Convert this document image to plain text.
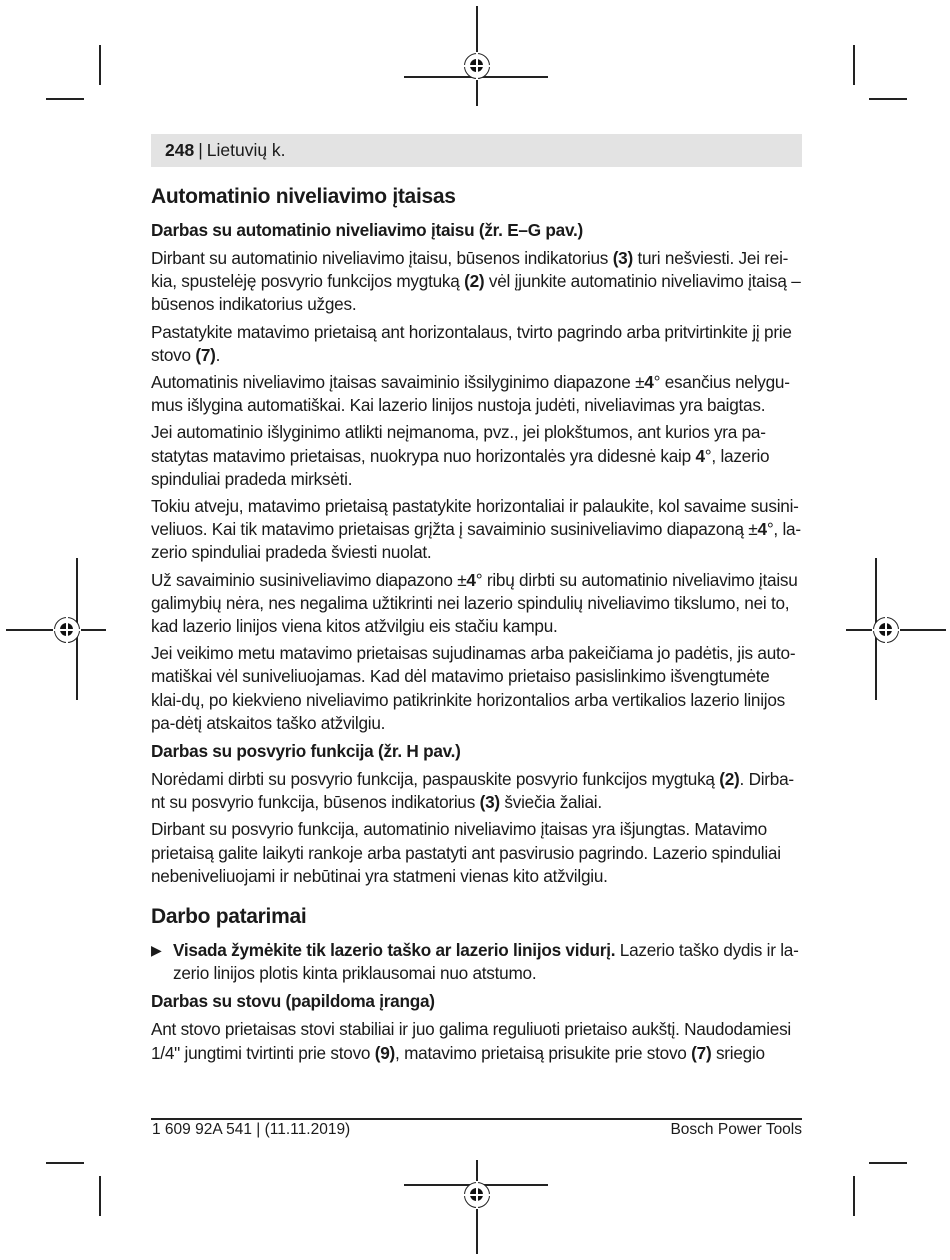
248 | Lietuvių k.
Automatinio niveliavimo įtaisas
Darbas su automatinio niveliavimo įtaisu (žr. E–G pav.)

Dirbant su automatinio niveliavimo įtaisu, būsenos indikatorius (3) turi nešviesti. Jei rei-kia, spustelėję posvyrio funkcijos mygtuką (2) vėl įjunkite automatinio niveliavimo įtaisą – būsenos indikatorius užges.

Pastatykite matavimo prietaisą ant horizontalaus, tvirto pagrindo arba pritvirtinkite jį prie stovo (7).

Automatinis niveliavimo įtaisas savaiminio išsilyginimo diapazone ±4° esančius nelygu-mus išlygina automatiškai. Kai lazerio linijos nustoja judėti, niveliavimas yra baigtas.

Jei automatinio išlyginimo atlikti neįmanoma, pvz., jei plokštumos, ant kurios yra pa-statytas matavimo prietaisas, nuokrypa nuo horizontalės yra didesnė kaip 4°, lazerio spinduliai pradeda mirksėti.

Tokiu atveju, matavimo prietaisą pastatykite horizontaliai ir palaukite, kol savaime susini-veliuos. Kai tik matavimo prietaisas grįžta į savaiminio susiniveliavimo diapazoną ±4°, la-zerio spinduliai pradeda šviesti nuolat.

Už savaiminio susiniveliavimo diapazono ±4° ribų dirbti su automatinio niveliavimo įtaisu galimybių nėra, nes negalima užtikrinti nei lazerio spindulių niveliavimo tikslumo, nei to, kad lazerio linijos viena kitos atžvilgiu eis stačiu kampu.

Jei veikimo metu matavimo prietaisas sujudinamas arba pakeičiama jo padėtis, jis auto-matiškai vėl suniveliuojamas. Kad dėl matavimo prietaiso pasislinkimo išvengtumėte klai-dų, po kiekvieno niveliavimo patikrinkite horizontalios arba vertikalios lazerio linijos pa-dėtį atskaitos taško atžvilgiu.

Darbas su posvyrio funkcija (žr. H pav.)

Norėdami dirbti su posvyrio funkcija, paspauskite posvyrio funkcijos mygtuką (2). Dirba-nt su posvyrio funkcija, būsenos indikatorius (3) šviečia žaliai.

Dirbant su posvyrio funkcija, automatinio niveliavimo įtaisas yra išjungtas. Matavimo prietaisą galite laikyti rankoje arba pastatyti ant pasvirusio pagrindo. Lazerio spinduliai nebeniveliuojami ir nebūtinai yra statmeni vienas kito atžvilgiu.

Darbo patarimai
▶ Visada žymėkite tik lazerio taško ar lazerio linijos vidurį. Lazerio taško dydis ir la-zerio linijos plotis kinta priklausomai nuo atstumo.
Darbas su stovu (papildoma įranga)

Ant stovo prietaisas stovi stabiliai ir juo galima reguliuoti prietaiso aukštį. Naudodamiesi 1/4" jungtimi tvirtinti prie stovo (9), matavimo prietaisą prisukite prie stovo (7) sriegio

1 609 92A 541 | (11.11.2019)	Bosch Power Tools
